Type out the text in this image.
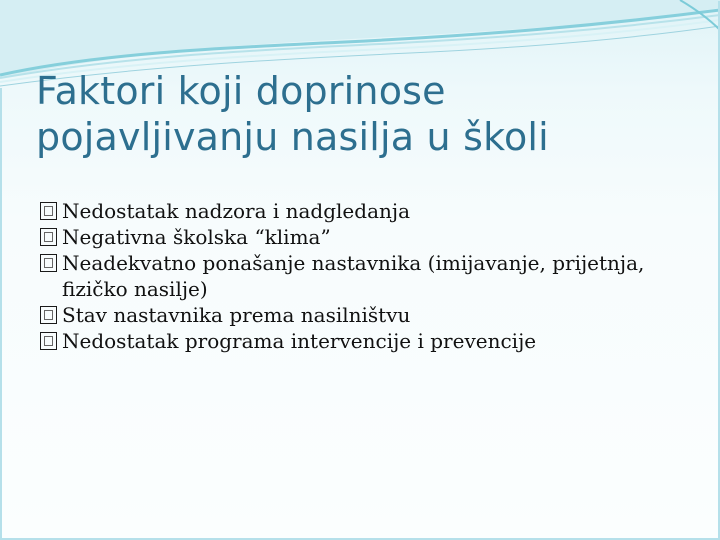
Faktori koji doprinose pojavljivanju nasilja u školi
Nedostatak nadzora i nadgledanja
Negativna školska “klima”
Neadekvatno ponašanje nastavnika (imijavanje, prijetnja, fizičko nasilje)
Stav nastavnika prema nasilništvu
Nedostatak programa intervencije i prevencije
